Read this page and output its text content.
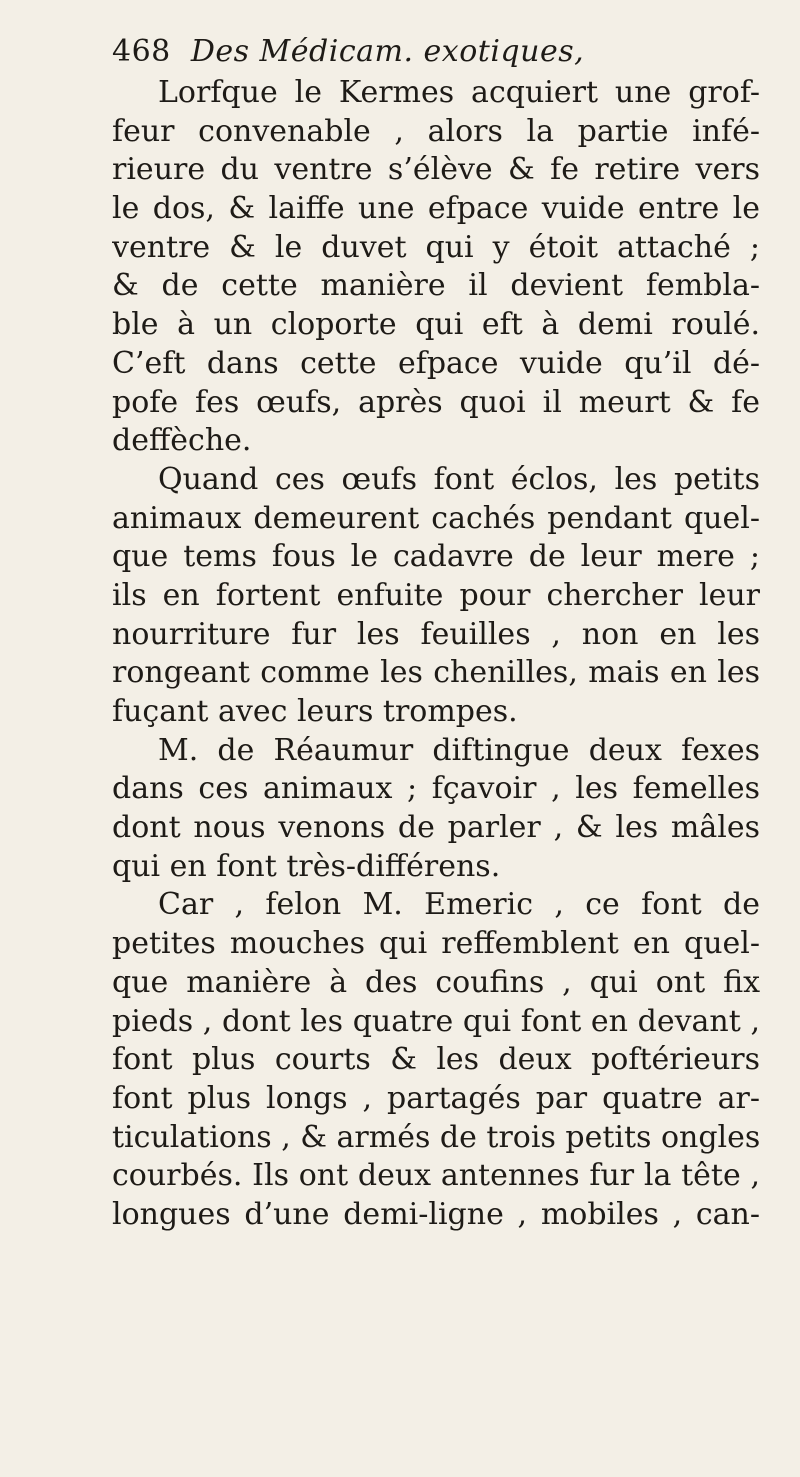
468 Des Médicam. exotiques,
Lorfque le Kermes acquiert une grof-
feur convenable , alors la partie infé-
rieure du ventre s’élève & fe retire vers
le dos, & laiffe une efpace vuide entre le
ventre & le duvet qui y étoit attaché ;
& de cette manière il devient fembla-
ble à un cloporte qui eft à demi roulé.
C’eft dans cette efpace vuide qu’il dé-
pofe fes œufs, après quoi il meurt & fe
deffèche.
Quand ces œufs font éclos, les petits
animaux demeurent cachés pendant quel-
que tems fous le cadavre de leur mere ;
ils en fortent enfuite pour chercher leur
nourriture fur les feuilles , non en les
rongeant comme les chenilles, mais en les
fuçant avec leurs trompes.
M. de Réaumur diftingue deux fexes
dans ces animaux ; fçavoir , les femelles
dont nous venons de parler , & les mâles
qui en font très-différens.
Car , felon M. Emeric , ce font de
petites mouches qui reffemblent en quel-
que manière à des coufins , qui ont fix
pieds , dont les quatre qui font en devant ,
font plus courts & les deux poftérieurs
font plus longs , partagés par quatre ar-
ticulations , & armés de trois petits ongles
courbés. Ils ont deux antennes fur la tête ,
longues d’une demi-ligne , mobiles , can-
